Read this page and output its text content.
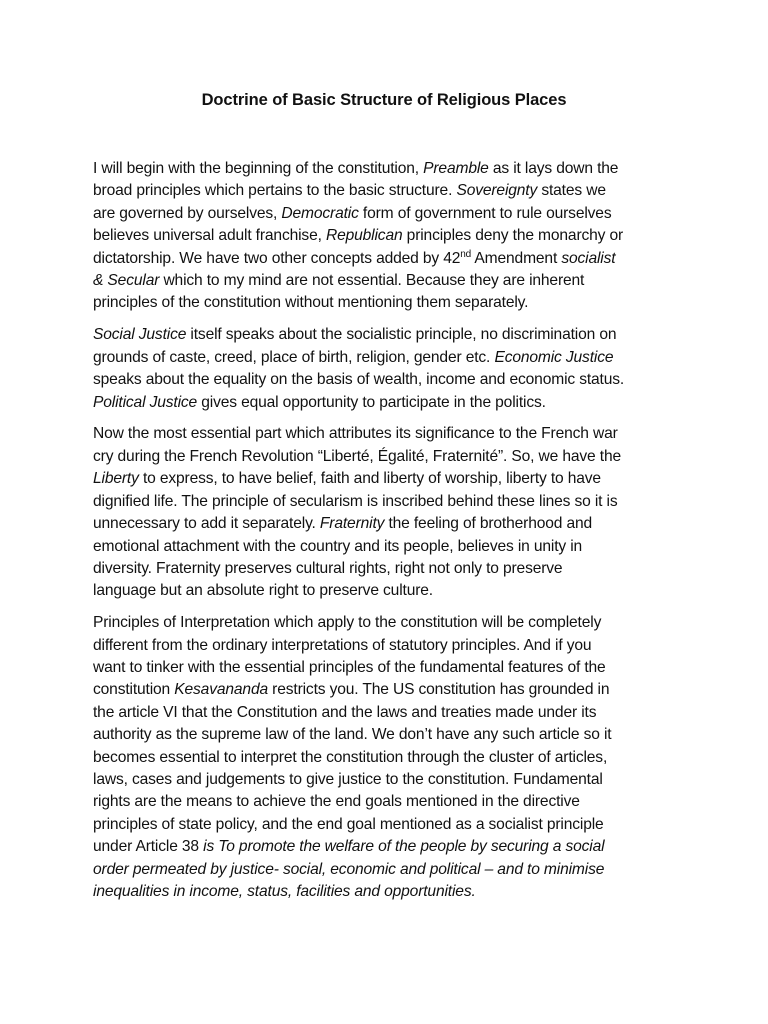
Doctrine of Basic Structure of Religious Places

I will begin with the beginning of the constitution, Preamble as it lays down the
broad principles which pertains to the basic structure. Sovereignty states we
are governed by ourselves, Democratic form of government to rule ourselves
believes universal adult franchise, Republican principles deny the monarchy or
dictatorship. We have two other concepts added by 42nd Amendment socialist
& Secular which to my mind are not essential. Because they are inherent
principles of the constitution without mentioning them separately.

Social Justice itself speaks about the socialistic principle, no discrimination on
grounds of caste, creed, place of birth, religion, gender etc. Economic Justice
speaks about the equality on the basis of wealth, income and economic status.
Political Justice gives equal opportunity to participate in the politics.

Now the most essential part which attributes its significance to the French war
cry during the French Revolution “Liberté, Égalité, Fraternité”. So, we have the
Liberty to express, to have belief, faith and liberty of worship, liberty to have
dignified life. The principle of secularism is inscribed behind these lines so it is
unnecessary to add it separately. Fraternity the feeling of brotherhood and
emotional attachment with the country and its people, believes in unity in
diversity. Fraternity preserves cultural rights, right not only to preserve
language but an absolute right to preserve culture.

Principles of Interpretation which apply to the constitution will be completely
different from the ordinary interpretations of statutory principles. And if you
want to tinker with the essential principles of the fundamental features of the
constitution Kesavananda restricts you. The US constitution has grounded in
the article VI that the Constitution and the laws and treaties made under its
authority as the supreme law of the land. We don’t have any such article so it
becomes essential to interpret the constitution through the cluster of articles,
laws, cases and judgements to give justice to the constitution. Fundamental
rights are the means to achieve the end goals mentioned in the directive
principles of state policy, and the end goal mentioned as a socialist principle
under Article 38 is To promote the welfare of the people by securing a social
order permeated by justice- social, economic and political – and to minimise
inequalities in income, status, facilities and opportunities.
